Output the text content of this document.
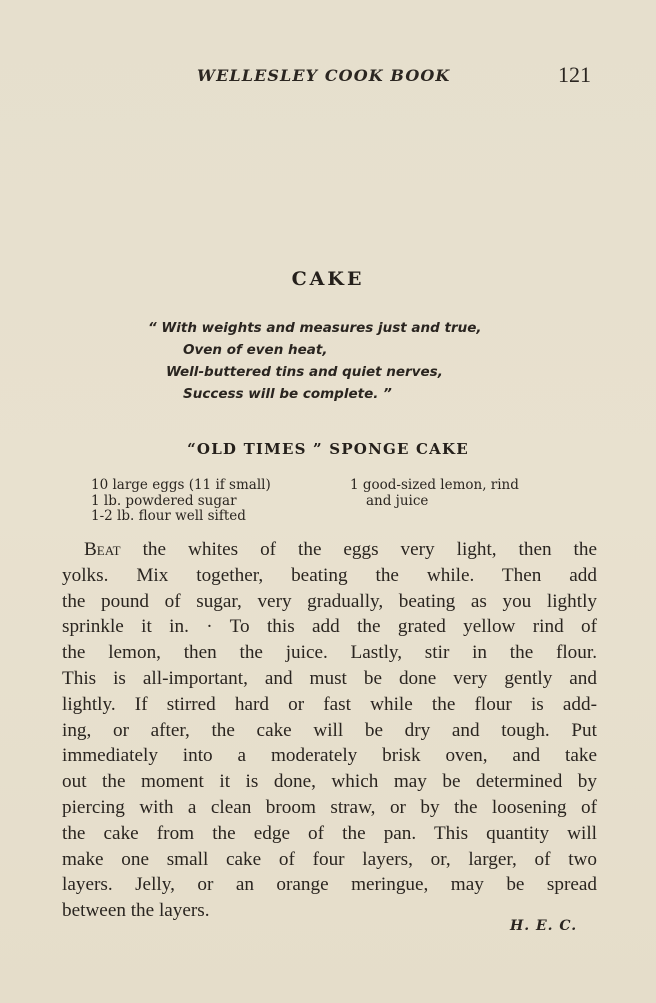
WELLESLEY COOK BOOK	121
CAKE
“ With weights and measures just and true,
Oven of even heat,
Well-buttered tins and quiet nerves,
Success will be complete. ”
“OLD TIMES ” SPONGE CAKE
10 large eggs (11 if small)
1 lb. powdered sugar
1-2 lb. flour well sifted
1 good-sized lemon, rind
and juice
Beat the whites of the eggs very light, then the
yolks. Mix together, beating the while. Then add
the pound of sugar, very gradually, beating as you lightly
sprinkle it in. · To this add the grated yellow rind of
the lemon, then the juice. Lastly, stir in the flour.
This is all-important, and must be done very gently and
lightly. If stirred hard or fast while the flour is add-
ing, or after, the cake will be dry and tough. Put
immediately into a moderately brisk oven, and take
out the moment it is done, which may be determined by
piercing with a clean broom straw, or by the loosening of
the cake from the edge of the pan. This quantity will
make one small cake of four layers, or, larger, of two
layers. Jelly, or an orange meringue, may be spread
between the layers.
H. E. C.
